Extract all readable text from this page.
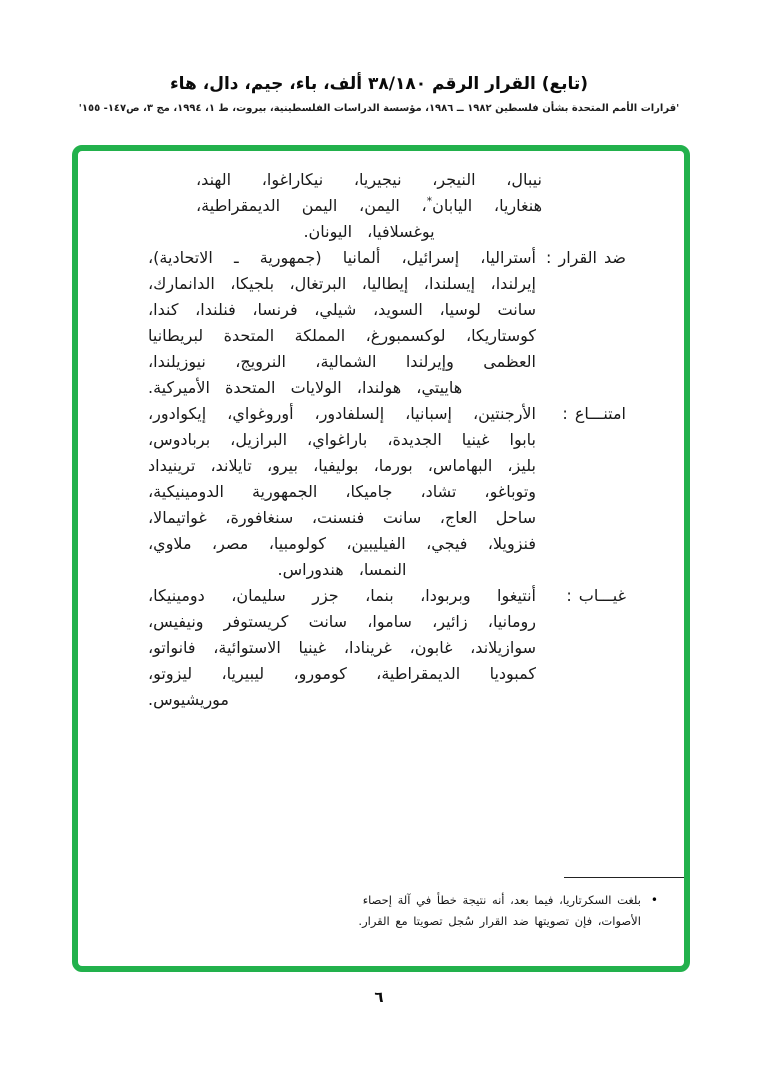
(تابع) القرار الرقم ٣٨/١٨٠ ألف، باء، جيم، دال، هاء
'قرارات الأمم المتحدة بشأن فلسطين ١٩٨٢ ــ ١٩٨٦، مؤسسة الدراسات الفلسطينية، بيروت، ط ١، ١٩٩٤، مج ٣، ص١٤٧- ١٥٥'

نيبال، النيجر، نيجيريا، نيكاراغوا، الهند، هنغاريا، اليابان*، اليمن، اليمن الديمقراطية، يوغسلافيا، اليونان.

ضد القرار :
أستراليا، إسرائيل، ألمانيا (جمهورية ـ الاتحادية)، إيرلندا، إيسلندا، إيطاليا، البرتغال، بلجيكا، الدانمارك، سانت لوسيا، السويد، شيلي، فرنسا، فنلندا، كندا، كوستاريكا، لوكسمبورغ، المملكة المتحدة لبريطانيا العظمى وإيرلندا الشمالية، النرويج، نيوزيلندا، هاييتي، هولندا، الولايات المتحدة الأميركية.
امتنـــاع :
الأرجنتين، إسبانيا، إلسلفادور، أوروغواي، إيكوادور، بابوا غينيا الجديدة، باراغواي، البرازيل، بربادوس، بليز، البهاماس، بورما، بوليفيا، بيرو، تايلاند، ترينيداد وتوباغو، تشاد، جاميكا، الجمهورية الدومينيكية، ساحل العاج، سانت فنسنت، سنغافورة، غواتيمالا، فنزويلا، فيجي، الفيليبين، كولومبيا، مصر، ملاوي، النمسا، هندوراس.
غيـــاب :
أنتيغوا وبربودا، بنما، جزر سليمان، دومينيكا، رومانيا، زائير، ساموا، سانت كريستوفر ونيفيس، سوازيلاند، غابون، غرينادا، غينيا الاستوائية، فانواتو، كمبوديا الديمقراطية، كومورو، ليبيريا، ليزوتو، موريشيوس.
•
بلغت السكرتاريا، فيما بعد، أنه نتيجة خطأ في آلة إحصاء الأصوات، فإن تصويتها ضد القرار سُجل تصويتا مع القرار.
٦
